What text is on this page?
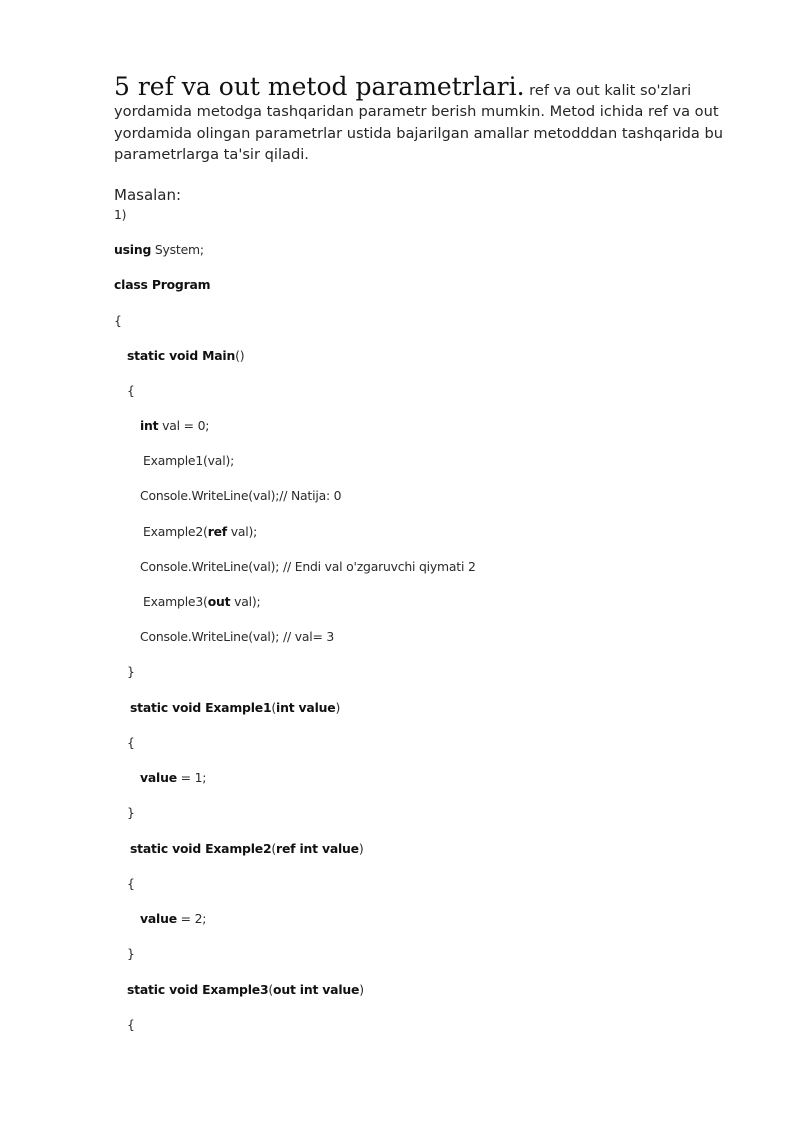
5 ref va out metod parametrlari. ref va out kalit so'zlari yordamida metodga tashqaridan parametr berish mumkin. Metod ichida ref va out yordamida olingan parametrlar ustida bajarilgan amallar metodddan tashqarida bu parametrlarga ta'sir qiladi.
Masalan:
1)
using System;
class Program
{
static void Main()
{
int val = 0;
Example1(val);
Console.WriteLine(val);// Natija: 0
Example2(ref val);
Console.WriteLine(val); // Endi val o'zgaruvchi qiymati 2
Example3(out val);
Console.WriteLine(val); // val= 3
}
static void Example1(int value)
{
value = 1;
}
static void Example2(ref int value)
{
value = 2;
}
static void Example3(out int value)
{
